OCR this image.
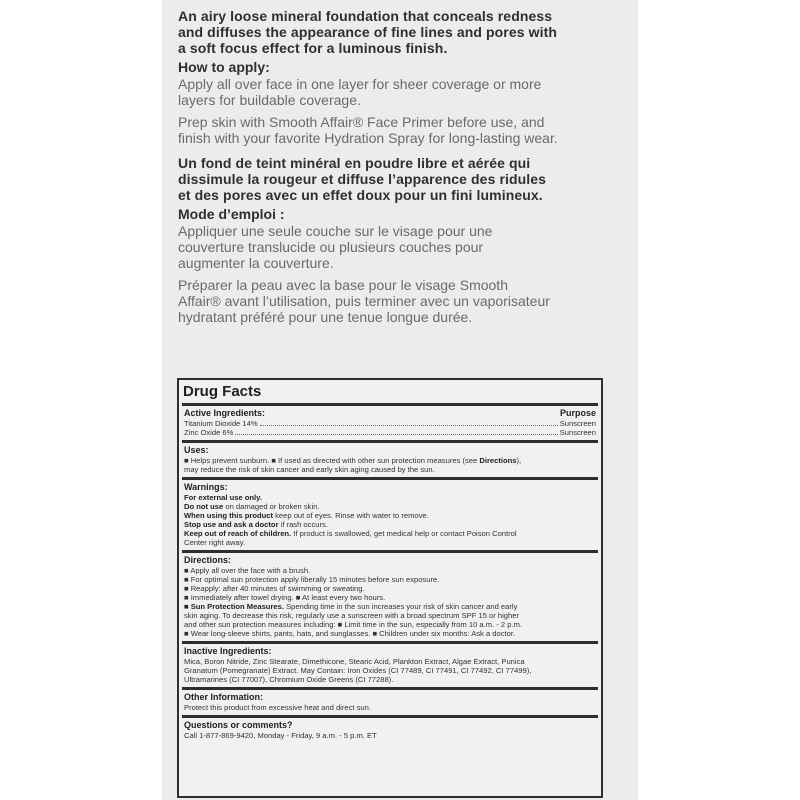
An airy loose mineral foundation that conceals redness
and diffuses the appearance of fine lines and pores with
a soft focus effect for a luminous finish.
How to apply:
Apply all over face in one layer for sheer coverage or more
layers for buildable coverage.
Prep skin with Smooth Affair® Face Primer before use, and
finish with your favorite Hydration Spray for long-lasting wear.
Un fond de teint minéral en poudre libre et aérée qui
dissimule la rougeur et diffuse l’apparence des ridules
et des pores avec un effet doux pour un fini lumineux.
Mode d’emploi :
Appliquer une seule couche sur le visage pour une
couverture translucide ou plusieurs couches pour
augmenter la couverture.
Préparer la peau avec la base pour le visage Smooth
Affair® avant l’utilisation, puis terminer avec un vaporisateur
hydratant préféré pour une tenue longue durée.
Drug Facts
Active Ingredients:	Purpose
Titanium Dioxide 14%	Sunscreen
Zinc Oxide 6%	Sunscreen
Uses:
■ Helps prevent sunburn. ■ If used as directed with other sun protection measures (see Directions),
may reduce the risk of skin cancer and early skin aging caused by the sun.
Warnings:
For external use only.
Do not use on damaged or broken skin.
When using this product keep out of eyes. Rinse with water to remove.
Stop use and ask a doctor if rash occurs.
Keep out of reach of children. If product is swallowed, get medical help or contact Poison Control
Center right away.
Directions:
■ Apply all over the face with a brush.
■ For optimal sun protection apply liberally 15 minutes before sun exposure.
■ Reapply: after 40 minutes of swimming or sweating.
■ Immediately after towel drying. ■ At least every two hours.
■ Sun Protection Measures. Spending time in the sun increases your risk of skin cancer and early
skin aging. To decrease this risk, regularly use a sunscreen with a broad spectrum SPF 15 or higher
and other sun protection measures including: ■ Limit time in the sun, especially from 10 a.m. - 2 p.m.
■ Wear long-sleeve shirts, pants, hats, and sunglasses. ■ Children under six months: Ask a doctor.
Inactive Ingredients:
Mica, Boron Nitride, Zinc Stearate, Dimethicone, Stearic Acid, Plankton Extract, Algae Extract, Punica
Granatum (Pomegranate) Extract. May Contain: Iron Oxides (CI 77489, CI 77491, CI 77492, CI 77499),
Ultramarines (CI 77007), Chromium Oxide Greens (CI 77288).
Other Information:
Protect this product from excessive heat and direct sun.
Questions or comments?
Call 1-877-869-9420, Monday - Friday, 9 a.m. - 5 p.m. ET
